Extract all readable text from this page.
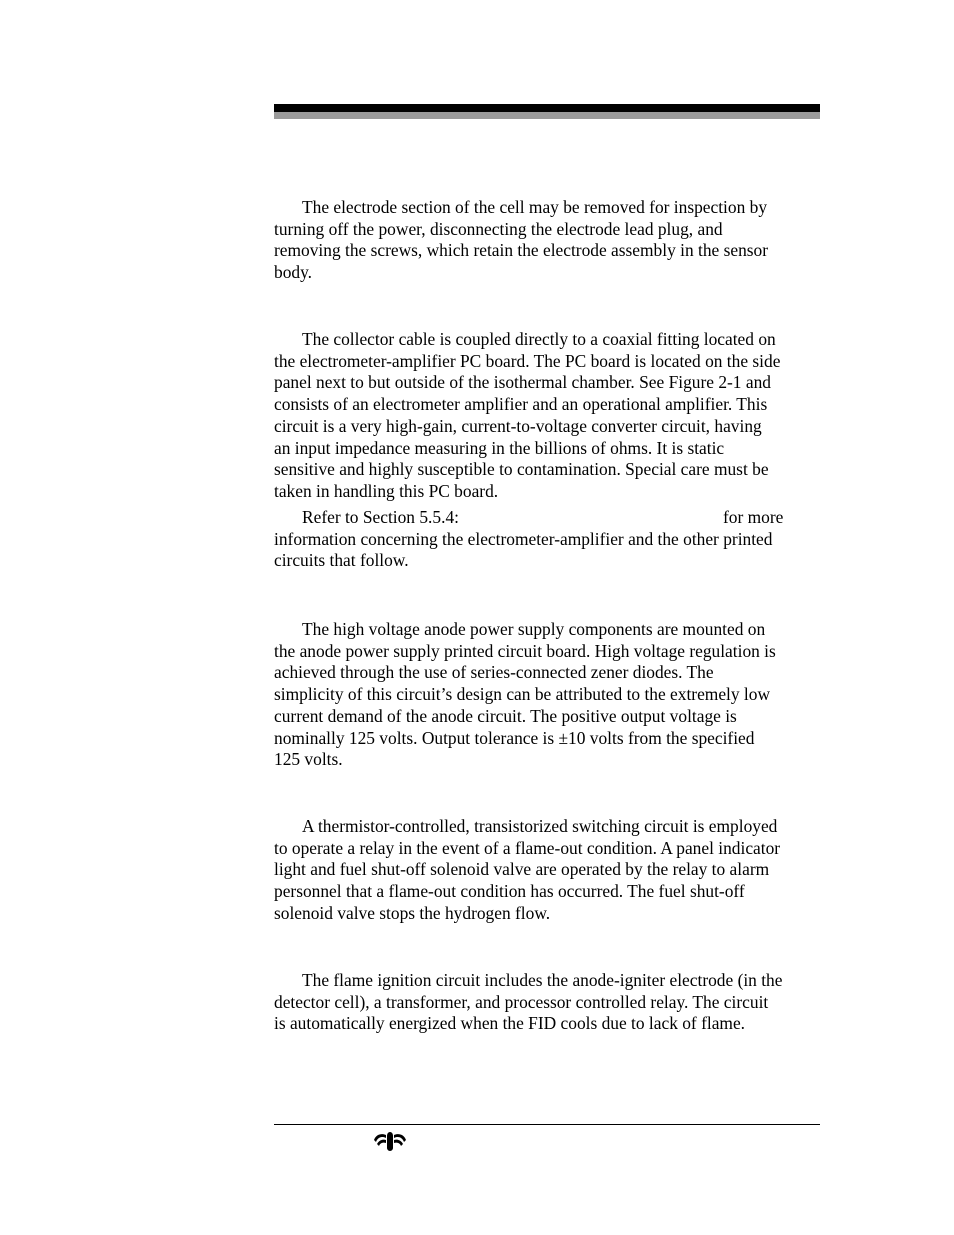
The electrode section of the cell may be removed for inspection by
turning off the power, disconnecting the electrode lead plug, and
removing the screws, which retain the electrode assembly in the sensor
body.
The collector cable is coupled directly to a coaxial fitting located on
the electrometer-amplifier PC board. The PC board is located on the side
panel next to but outside of the isothermal chamber. See Figure 2-1 and
consists of an electrometer amplifier and an operational amplifier. This
circuit is a very high-gain, current-to-voltage converter circuit, having
an input impedance measuring in the billions of ohms. It is static
sensitive and highly susceptible to contamination. Special care must be
taken in handling this PC board.
Refer to Section 5.5.4:	for more
information concerning the electrometer-amplifier and the other printed
circuits that follow.
The high voltage anode power supply components are mounted on
the anode power supply printed circuit board. High voltage regulation is
achieved through the use of series-connected zener diodes. The
simplicity of this circuit’s design can be attributed to the extremely low
current demand of the anode circuit. The positive output voltage is
nominally 125 volts. Output tolerance is ±10 volts from the specified
125 volts.
A thermistor-controlled, transistorized switching circuit is employed
to operate a relay in the event of a flame-out condition. A panel indicator
light and fuel shut-off solenoid valve are operated by the relay to alarm
personnel that a flame-out condition has occurred. The fuel shut-off
solenoid valve stops the hydrogen flow.
The flame ignition circuit includes the anode-igniter electrode (in the
detector cell), a transformer, and processor controlled relay. The circuit
is automatically energized when the FID cools due to lack of flame.
